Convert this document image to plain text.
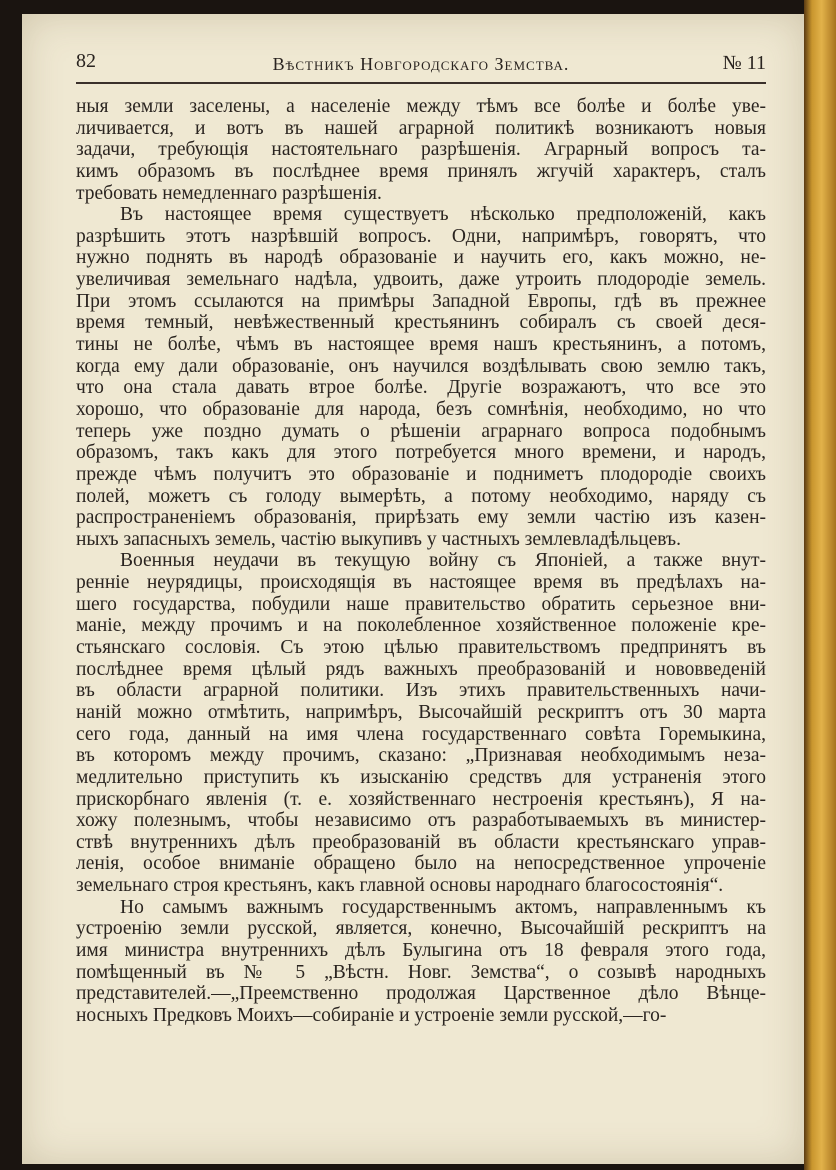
82	Вѣстникъ Новгородскаго Земства.	№ 11
ныя земли заселены, а населеніе между тѣмъ все болѣе и болѣе уве-
личивается, и вотъ въ нашей аграрной политикѣ возникаютъ новыя
задачи, требующія настоятельнаго разрѣшенія. Аграрный вопросъ та-
кимъ образомъ въ послѣднее время принялъ жгучій характеръ, сталъ
требовать немедленнаго разрѣшенія.
Въ настоящее время существуетъ нѣсколько предположеній, какъ
разрѣшить этотъ назрѣвшій вопросъ. Одни, напримѣръ, говорятъ, что
нужно поднять въ народѣ образованіе и научить его, какъ можно, не-
увеличивая земельнаго надѣла, удвоить, даже утроить плодородіе земель.
При этомъ ссылаются на примѣры Западной Европы, гдѣ въ прежнее
время темный, невѣжественный крестьянинъ собиралъ съ своей деся-
тины не болѣе, чѣмъ въ настоящее время нашъ крестьянинъ, а потомъ,
когда ему дали образованіе, онъ научился воздѣлывать свою землю такъ,
что она стала давать втрое болѣе. Другіе возражаютъ, что все это
хорошо, что образованіе для народа, безъ сомнѣнія, необходимо, но что
теперь уже поздно думать о рѣшеніи аграрнаго вопроса подобнымъ
образомъ, такъ какъ для этого потребуется много времени, и народъ,
прежде чѣмъ получитъ это образованіе и подниметъ плодородіе своихъ
полей, можетъ съ голоду вымерѣть, а потому необходимо, наряду съ
распространеніемъ образованія, прирѣзать ему земли частію изъ казен-
ныхъ запасныхъ земель, частію выкупивъ у частныхъ землевладѣльцевъ.
Военныя неудачи въ текущую войну съ Японіей, а также внут-
ренніе неурядицы, происходящія въ настоящее время въ предѣлахъ на-
шего государства, побудили наше правительство обратить серьезное вни-
маніе, между прочимъ и на поколебленное хозяйственное положеніе кре-
стьянскаго сословія. Съ этою цѣлью правительствомъ предпринятъ въ
послѣднее время цѣлый рядъ важныхъ преобразованій и нововведеній
въ области аграрной политики. Изъ этихъ правительственныхъ начи-
наній можно отмѣтить, напримѣръ, Высочайшій рескриптъ отъ 30 марта
сего года, данный на имя члена государственнаго совѣта Горемыкина,
въ которомъ между прочимъ, сказано: „Признавая необходимымъ неза-
медлительно приступить къ изысканію средствъ для устраненія этого
прискорбнаго явленія (т. е. хозяйственнаго нестроенія крестьянъ), Я на-
хожу полезнымъ, чтобы независимо отъ разработываемыхъ въ министер-
ствѣ внутреннихъ дѣлъ преобразованій въ области крестьянскаго управ-
ленія, особое вниманіе обращено было на непосредственное упроченіе
земельнаго строя крестьянъ, какъ главной основы народнаго благосостоянія“.
Но самымъ важнымъ государственнымъ актомъ, направленнымъ къ
устроенію земли русской, является, конечно, Высочайшій рескриптъ на
имя министра внутреннихъ дѣлъ Булыгина отъ 18 февраля этого года,
помѣщенный въ № 5 „Вѣстн. Новг. Земства“, о созывѣ народныхъ
представителей.—„Преемственно продолжая Царственное дѣло Вѣнце-
носныхъ Предковъ Моихъ—собираніе и устроеніе земли русской,—го-
